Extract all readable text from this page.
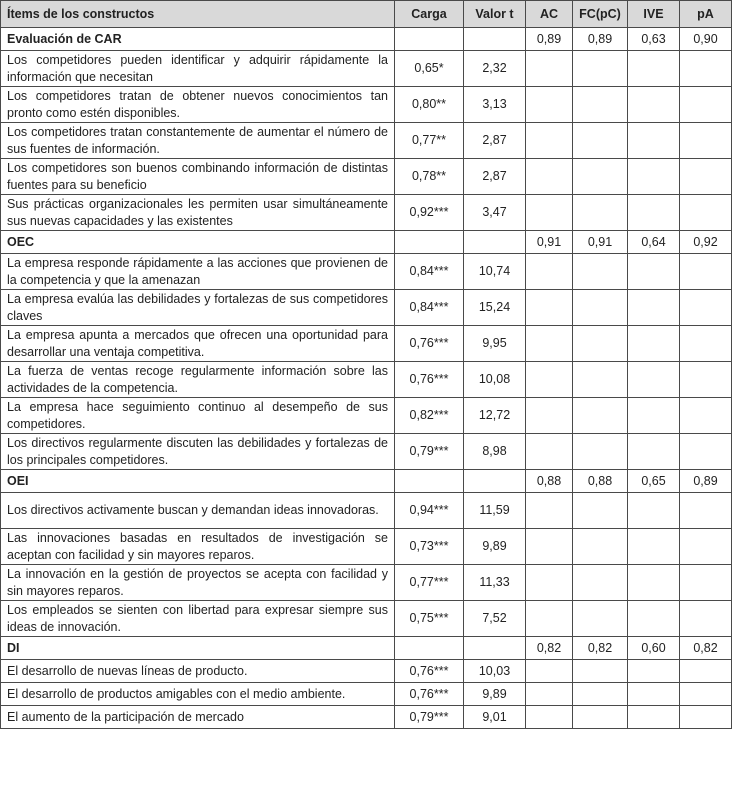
Ítems de los constructos	Carga	Valor t	AC	FC(pC)	IVE	pA
Evaluación de CAR			0,89	0,89	0,63	0,90
Los competidores pueden identificar y adquirir rápidamente la información que necesitan	0,65*	2,32				
Los competidores tratan de obtener nuevos conocimientos tan pronto como estén disponibles.	0,80**	3,13				
Los competidores tratan constantemente de aumentar el número de sus fuentes de información.	0,77**	2,87				
Los competidores son buenos combinando información de distintas fuentes para su beneficio	0,78**	2,87				
Sus prácticas organizacionales les permiten usar simultáneamente sus nuevas capacidades y las existentes	0,92***	3,47				
OEC			0,91	0,91	0,64	0,92
La empresa responde rápidamente a las acciones que provienen de la competencia y que la amenazan	0,84***	10,74				
La empresa evalúa las debilidades y fortalezas de sus competidores claves	0,84***	15,24				
La empresa apunta a mercados que ofrecen una oportunidad para desarrollar una ventaja competitiva.	0,76***	9,95				
La fuerza de ventas recoge regularmente información sobre las actividades de la competencia.	0,76***	10,08				
La empresa hace seguimiento continuo al desempeño de sus competidores.	0,82***	12,72				
Los directivos regularmente discuten las debilidades y fortalezas de los principales competidores.	0,79***	8,98				
OEI			0,88	0,88	0,65	0,89
Los directivos activamente buscan y demandan ideas innovadoras.	0,94***	11,59				
Las innovaciones basadas en resultados de investigación se aceptan con facilidad y sin mayores reparos.	0,73***	9,89				
La innovación en la gestión de proyectos se acepta con facilidad y sin mayores reparos.	0,77***	11,33				
Los empleados se sienten con libertad para expresar siempre sus ideas de innovación.	0,75***	7,52				
DI			0,82	0,82	0,60	0,82
El desarrollo de nuevas líneas de producto.	0,76***	10,03				
El desarrollo de productos amigables con el medio ambiente.	0,76***	9,89				
El aumento de la participación de mercado	0,79***	9,01				
